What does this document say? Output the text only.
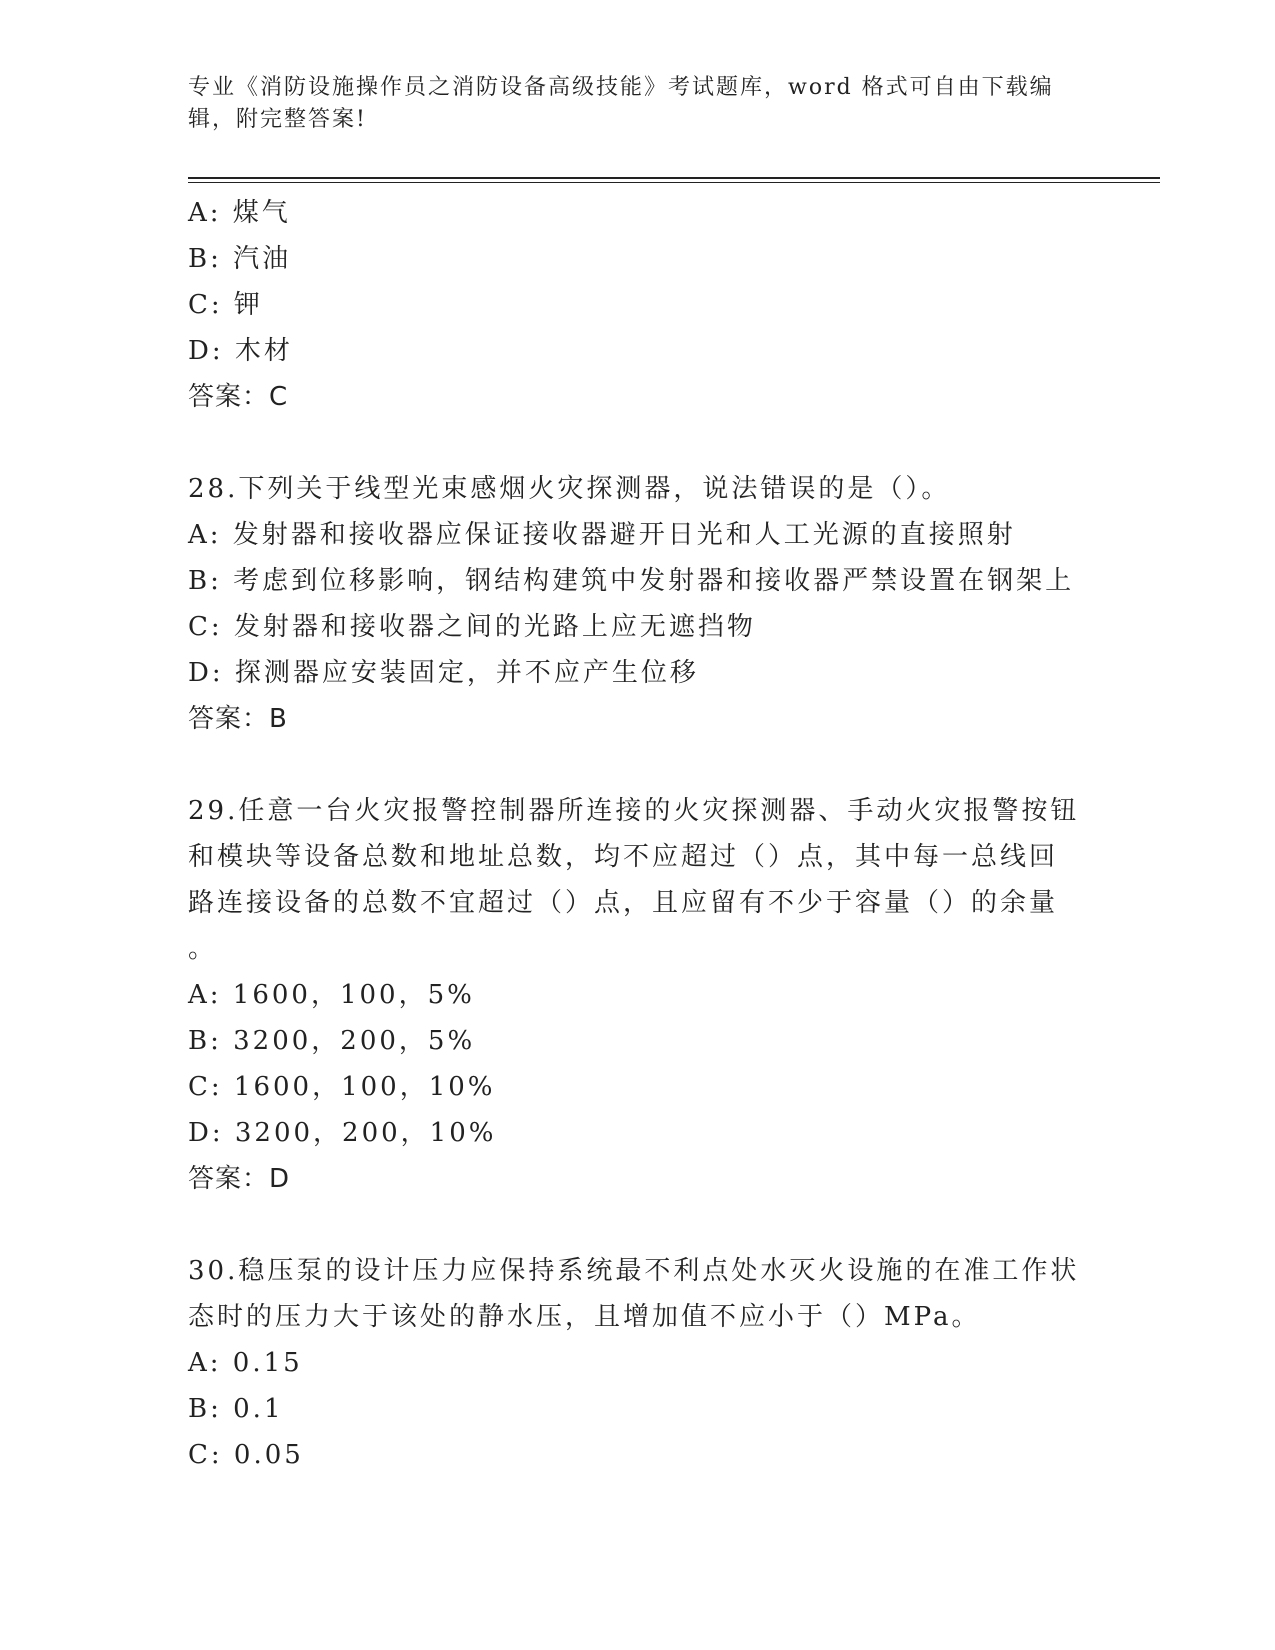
专业《消防设施操作员之消防设备高级技能》考试题库，word 格式可自由下载编
辑，附完整答案!
A: 煤气
B: 汽油
C: 钾
D: 木材
答案：C
28.下列关于线型光束感烟火灾探测器，说法错误的是（）。
A: 发射器和接收器应保证接收器避开日光和人工光源的直接照射
B: 考虑到位移影响，钢结构建筑中发射器和接收器严禁设置在钢架上
C: 发射器和接收器之间的光路上应无遮挡物
D: 探测器应安装固定，并不应产生位移
答案：B
29.任意一台火灾报警控制器所连接的火灾探测器、手动火灾报警按钮
和模块等设备总数和地址总数，均不应超过（）点，其中每一总线回
路连接设备的总数不宜超过（）点，且应留有不少于容量（）的余量
。
A: 1600，100，5%
B: 3200，200，5%
C: 1600，100，10%
D: 3200，200，10%
答案：D
30.稳压泵的设计压力应保持系统最不利点处水灭火设施的在准工作状
态时的压力大于该处的静水压，且增加值不应小于（）MPa。
A: 0.15
B: 0.1
C: 0.05
